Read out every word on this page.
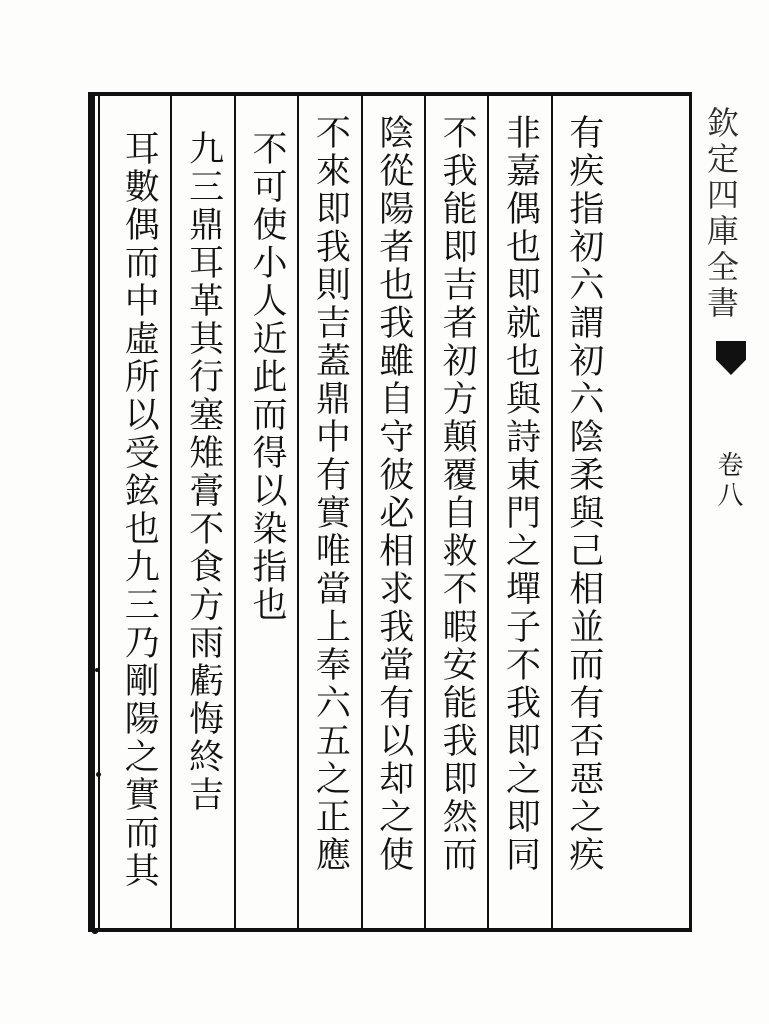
有疾指初六謂初六陰柔與己相並而有否惡之疾
非嘉偶也即就也與詩東門之墠子不我即之即同
不我能即吉者初方顛覆自救不暇安能我即然而
陰從陽者也我雖自守彼必相求我當有以却之使
不來即我則吉蓋鼎中有實唯當上奉六五之正應
不可使小人近此而得以染指也
九三鼎耳革其行塞雉膏不食方雨虧悔終吉
耳數偶而中虛所以受鉉也九三乃剛陽之實而其	欽定四庫全書
卷八
